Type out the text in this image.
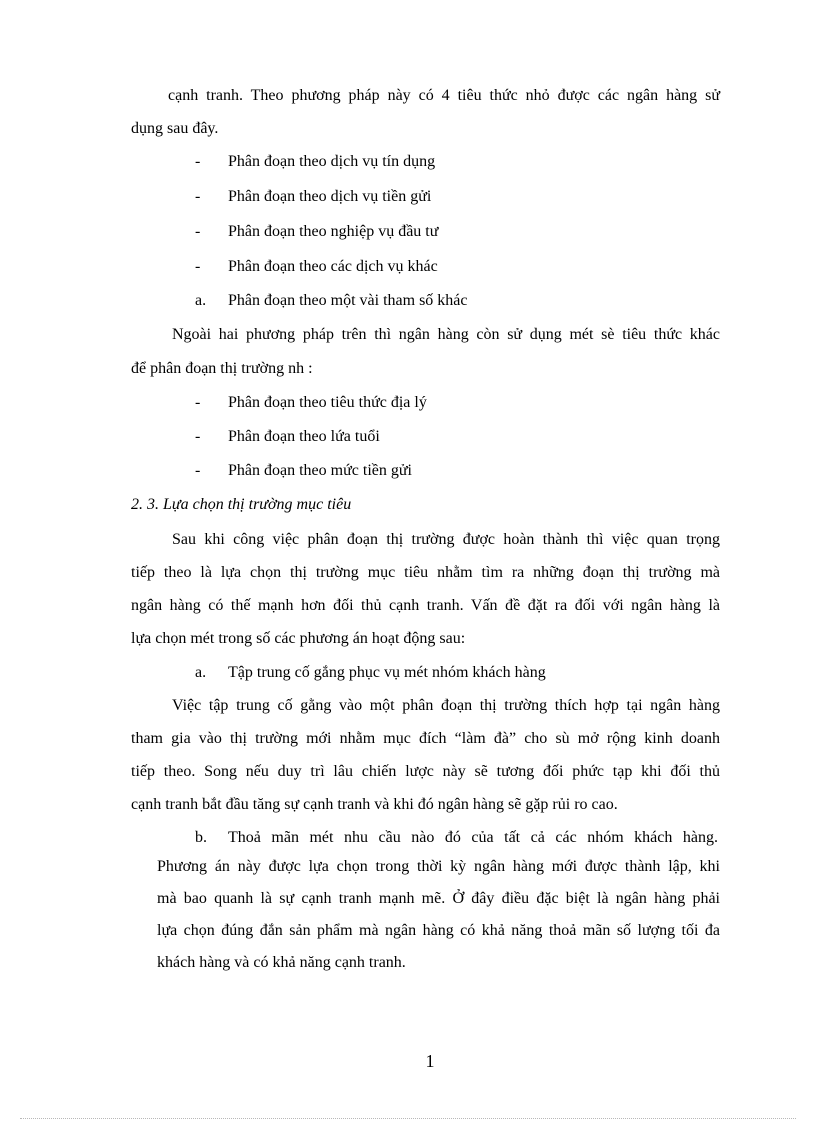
cạnh tranh. Theo phương pháp này có 4 tiêu thức nhỏ được các ngân hàng sử
dụng sau đây.
- Phân đoạn theo dịch vụ tín dụng
- Phân đoạn theo dịch vụ tiền gửi
- Phân đoạn theo nghiệp vụ đầu tư
- Phân đoạn theo các dịch vụ khác
a. Phân đoạn theo một vài tham số khác
Ngoài hai phương pháp trên thì ngân hàng còn sử dụng mét sè tiêu thức khác
để phân đoạn thị trường nh :
- Phân đoạn theo tiêu thức địa lý
- Phân đoạn theo lứa tuổi
- Phân đoạn theo mức tiền gửi
2. 3. Lựa chọn thị trường mục tiêu
Sau khi công việc phân đoạn thị trường được hoàn thành thì việc quan trọng
tiếp theo là lựa chọn thị trường mục tiêu nhằm tìm ra những đoạn thị trường mà
ngân hàng có thế mạnh hơn đối thủ cạnh tranh. Vấn đề đặt ra đối với ngân hàng là
lựa chọn mét trong số các phương án hoạt động sau:
a. Tập trung cố gắng phục vụ mét nhóm khách hàng
Việc tập trung cố gằng vào một phân đoạn thị trường thích hợp tại ngân hàng
tham gia vào thị trường mới nhằm mục đích “làm đà” cho sù mở rộng kinh doanh
tiếp theo. Song nếu duy trì lâu chiến lược này sẽ tương đối phức tạp khi đối thủ
cạnh tranh bắt đầu tăng sự cạnh tranh và khi đó ngân hàng sẽ gặp rủi ro cao.
b. Thoả mãn mét nhu cầu nào đó của tất cả các nhóm khách hàng.
Phương án này được lựa chọn trong thời kỳ ngân hàng mới được thành lập, khi
mà bao quanh là sự cạnh tranh mạnh mẽ. Ở đây điều đặc biệt là ngân hàng phải
lựa chọn đúng đắn sản phẩm mà ngân hàng có khả năng thoả mãn số lượng tối đa
khách hàng và có khả năng cạnh tranh.
1
